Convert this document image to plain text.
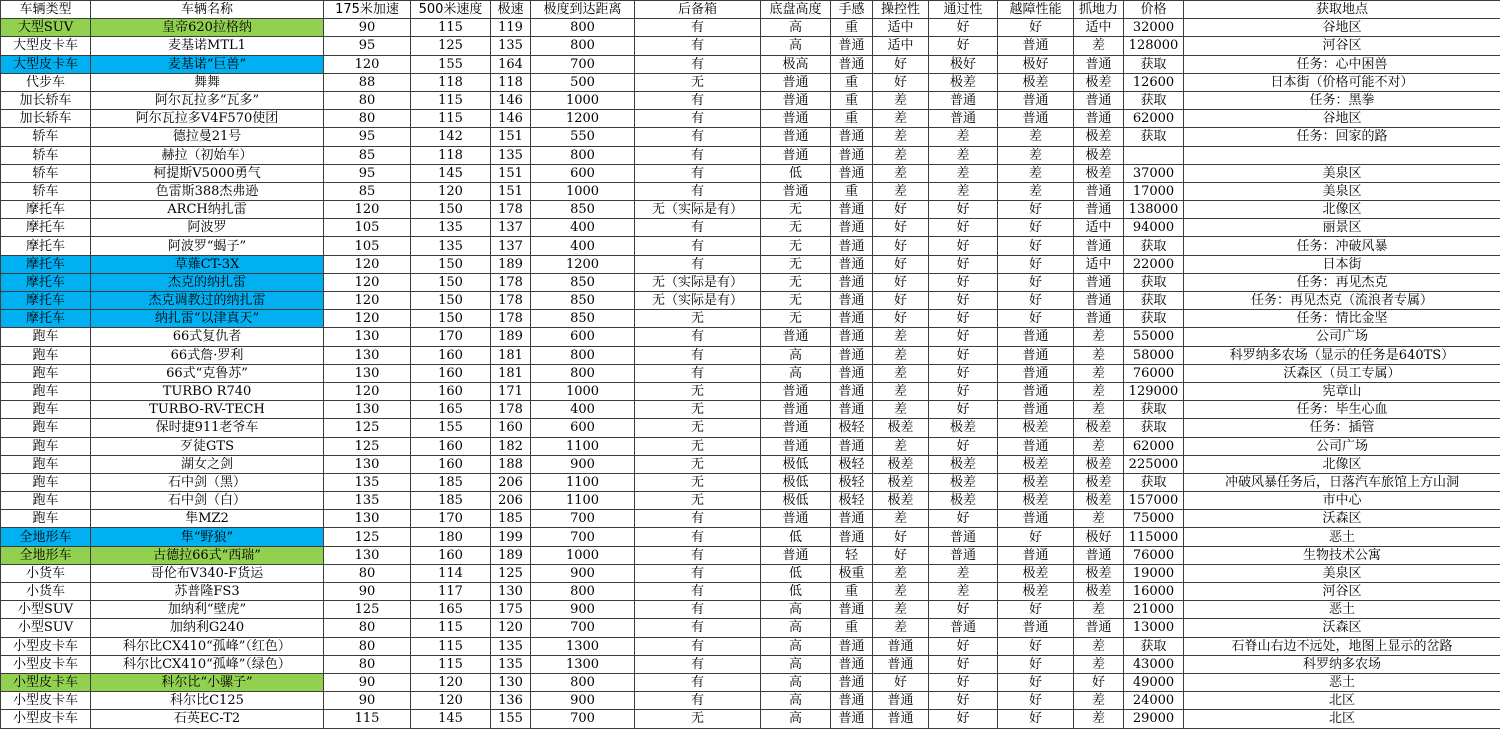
车辆类型	车辆名称	175米加速	500米速度	极速	极度到达距离	后备箱	底盘高度	手感	操控性	通过性	越障性能	抓地力	价格	获取地点
大型SUV	皇帝620拉格纳	90	115	119	800	有	高	重	适中	好	好	适中	32000	谷地区
大型皮卡车	麦基诺MTL1	95	125	135	800	有	高	普通	适中	好	普通	差	128000	河谷区
大型皮卡车	麦基诺“巨兽”	120	155	164	700	有	极高	普通	好	极好	极好	普通	获取	任务：心中困兽
代步车	舞舞	88	118	118	500	无	普通	重	好	极差	极差	极差	12600	日本街（价格可能不对）
加长轿车	阿尔瓦拉多“瓦多”	80	115	146	1000	有	普通	重	差	普通	普通	普通	获取	任务：黑拳
加长轿车	阿尔瓦拉多V4F570使团	80	115	146	1200	有	普通	重	差	普通	普通	普通	62000	谷地区
轿车	德拉曼21号	95	142	151	550	有	普通	普通	差	差	差	极差	获取	任务：回家的路
轿车	赫拉（初始车）	85	118	135	800	有	普通	普通	差	差	差	极差		
轿车	柯提斯V5000勇气	95	145	151	600	有	低	普通	差	差	差	极差	37000	美泉区
轿车	色雷斯388杰弗逊	85	120	151	1000	有	普通	重	差	差	差	普通	17000	美泉区
摩托车	ARCH纳扎雷	120	150	178	850	无（实际是有）	无	普通	好	好	好	普通	138000	北像区
摩托车	阿波罗	105	135	137	400	有	无	普通	好	好	好	适中	94000	丽景区
摩托车	阿波罗“蝎子”	105	135	137	400	有	无	普通	好	好	好	普通	获取	任务：冲破风暴
摩托车	草薙CT-3X	120	150	189	1200	有	无	普通	好	好	好	适中	22000	日本街
摩托车	杰克的纳扎雷	120	150	178	850	无（实际是有）	无	普通	好	好	好	普通	获取	任务：再见杰克
摩托车	杰克调教过的纳扎雷	120	150	178	850	无（实际是有）	无	普通	好	好	好	普通	获取	任务：再见杰克（流浪者专属）
摩托车	纳扎雷“以津真天”	120	150	178	850	无	无	普通	好	好	好	普通	获取	任务：情比金坚
跑车	66式复仇者	130	170	189	600	有	普通	普通	差	好	普通	差	55000	公司广场
跑车	66式詹·罗利	130	160	181	800	有	高	普通	差	好	普通	差	58000	科罗纳多农场（显示的任务是640TS）
跑车	66式“克鲁苏”	130	160	181	800	有	高	普通	差	好	普通	差	76000	沃森区（员工专属）
跑车	TURBO R740	120	160	171	1000	无	普通	普通	差	好	普通	差	129000	宪章山
跑车	TURBO-RV-TECH	130	165	178	400	无	普通	普通	差	好	普通	差	获取	任务：毕生心血
跑车	保时捷911老爷车	125	155	160	600	无	普通	极轻	极差	极差	极差	极差	获取	任务：插管
跑车	歹徒GTS	125	160	182	1100	无	普通	普通	差	好	普通	差	62000	公司广场
跑车	湖女之剑	130	160	188	900	无	极低	极轻	极差	极差	极差	极差	225000	北像区
跑车	石中剑（黑）	135	185	206	1100	无	极低	极轻	极差	极差	极差	极差	获取	冲破风暴任务后，日落汽车旅馆上方山洞
跑车	石中剑（白）	135	185	206	1100	无	极低	极轻	极差	极差	极差	极差	157000	市中心
跑车	隼MZ2	130	170	185	700	有	普通	普通	差	好	普通	差	75000	沃森区
全地形车	隼“野狼”	125	180	199	700	有	低	普通	好	普通	好	极好	115000	恶土
全地形车	古德拉66式“西瑞”	130	160	189	1000	有	普通	轻	好	普通	普通	普通	76000	生物技术公寓
小货车	哥伦布V340-F货运	80	114	125	900	有	低	极重	差	差	极差	极差	19000	美泉区
小货车	苏普隆FS3	90	117	130	800	有	低	重	差	差	极差	极差	16000	河谷区
小型SUV	加纳利“壁虎”	125	165	175	900	有	高	普通	差	好	好	差	21000	恶土
小型SUV	加纳利G240	80	115	120	700	有	高	重	差	普通	普通	普通	13000	沃森区
小型皮卡车	科尔比CX410“孤峰”（红色）	80	115	135	1300	有	高	普通	普通	好	好	差	获取	石脊山右边不远处，地图上显示的岔路
小型皮卡车	科尔比CX410“孤峰”（绿色）	80	115	135	1300	有	高	普通	普通	好	好	差	43000	科罗纳多农场
小型皮卡车	科尔比“小骡子”	90	120	130	800	有	高	普通	好	好	好	好	49000	恶土
小型皮卡车	科尔比C125	90	120	136	900	有	高	普通	普通	好	好	差	24000	北区
小型皮卡车	石英EC-T2	115	145	155	700	无	高	普通	普通	好	好	差	29000	北区
